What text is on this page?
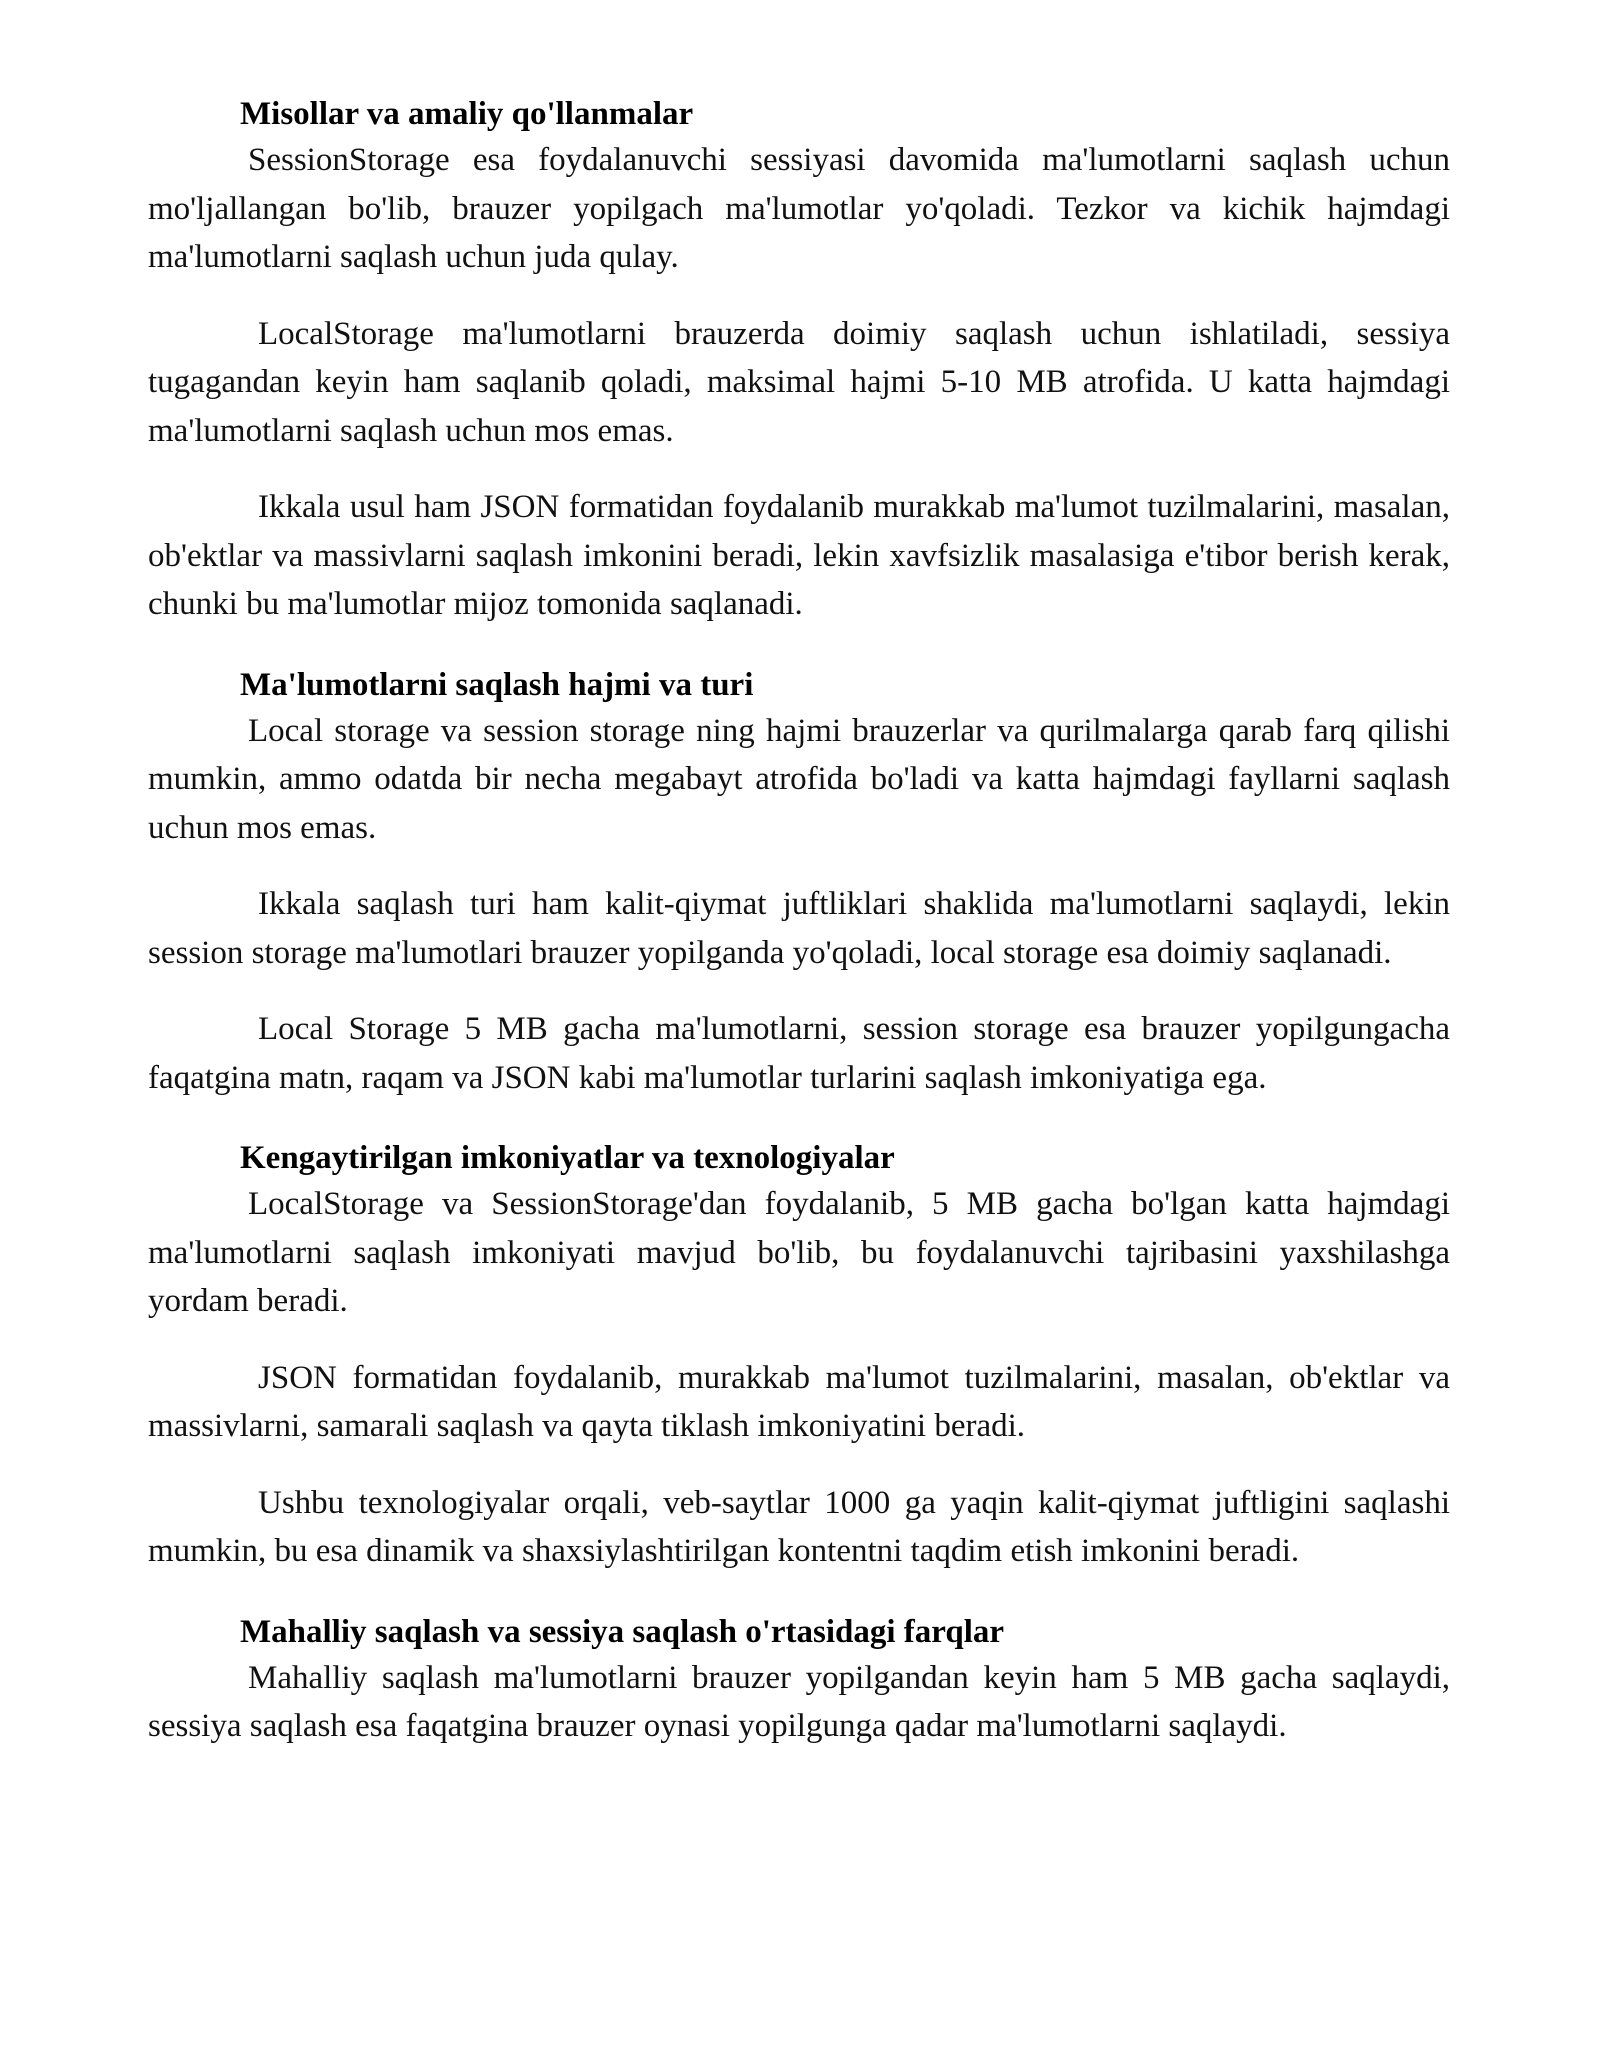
Misollar va amaliy qo'llanmalar

SessionStorage esa foydalanuvchi sessiyasi davomida ma'lumotlarni saqlash uchun mo'ljallangan bo'lib, brauzer yopilgach ma'lumotlar yo'qoladi. Tezkor va kichik hajmdagi ma'lumotlarni saqlash uchun juda qulay.

LocalStorage ma'lumotlarni brauzerda doimiy saqlash uchun ishlatiladi, sessiya tugagandan keyin ham saqlanib qoladi, maksimal hajmi 5-10 MB atrofida. U katta hajmdagi ma'lumotlarni saqlash uchun mos emas.

Ikkala usul ham JSON formatidan foydalanib murakkab ma'lumot tuzilmalarini, masalan, ob'ektlar va massivlarni saqlash imkonini beradi, lekin xavfsizlik masalasiga e'tibor berish kerak, chunki bu ma'lumotlar mijoz tomonida saqlanadi.

Ma'lumotlarni saqlash hajmi va turi

Local storage va session storage ning hajmi brauzerlar va qurilmalarga qarab farq qilishi mumkin, ammo odatda bir necha megabayt atrofida bo'ladi va katta hajmdagi fayllarni saqlash uchun mos emas.

Ikkala saqlash turi ham kalit-qiymat juftliklari shaklida ma'lumotlarni saqlaydi, lekin session storage ma'lumotlari brauzer yopilganda yo'qoladi, local storage esa doimiy saqlanadi.

Local Storage 5 MB gacha ma'lumotlarni, session storage esa brauzer yopilgungacha faqatgina matn, raqam va JSON kabi ma'lumotlar turlarini saqlash imkoniyatiga ega.

Kengaytirilgan imkoniyatlar va texnologiyalar

LocalStorage va SessionStorage'dan foydalanib, 5 MB gacha bo'lgan katta hajmdagi ma'lumotlarni saqlash imkoniyati mavjud bo'lib, bu foydalanuvchi tajribasini yaxshilashga yordam beradi.

JSON formatidan foydalanib, murakkab ma'lumot tuzilmalarini, masalan, ob'ektlar va massivlarni, samarali saqlash va qayta tiklash imkoniyatini beradi.

Ushbu texnologiyalar orqali, veb-saytlar 1000 ga yaqin kalit-qiymat juftligini saqlashi mumkin, bu esa dinamik va shaxsiylashtirilgan kontentni taqdim etish imkonini beradi.

Mahalliy saqlash va sessiya saqlash o'rtasidagi farqlar

Mahalliy saqlash ma'lumotlarni brauzer yopilgandan keyin ham 5 MB gacha saqlaydi, sessiya saqlash esa faqatgina brauzer oynasi yopilgunga qadar ma'lumotlarni saqlaydi.
